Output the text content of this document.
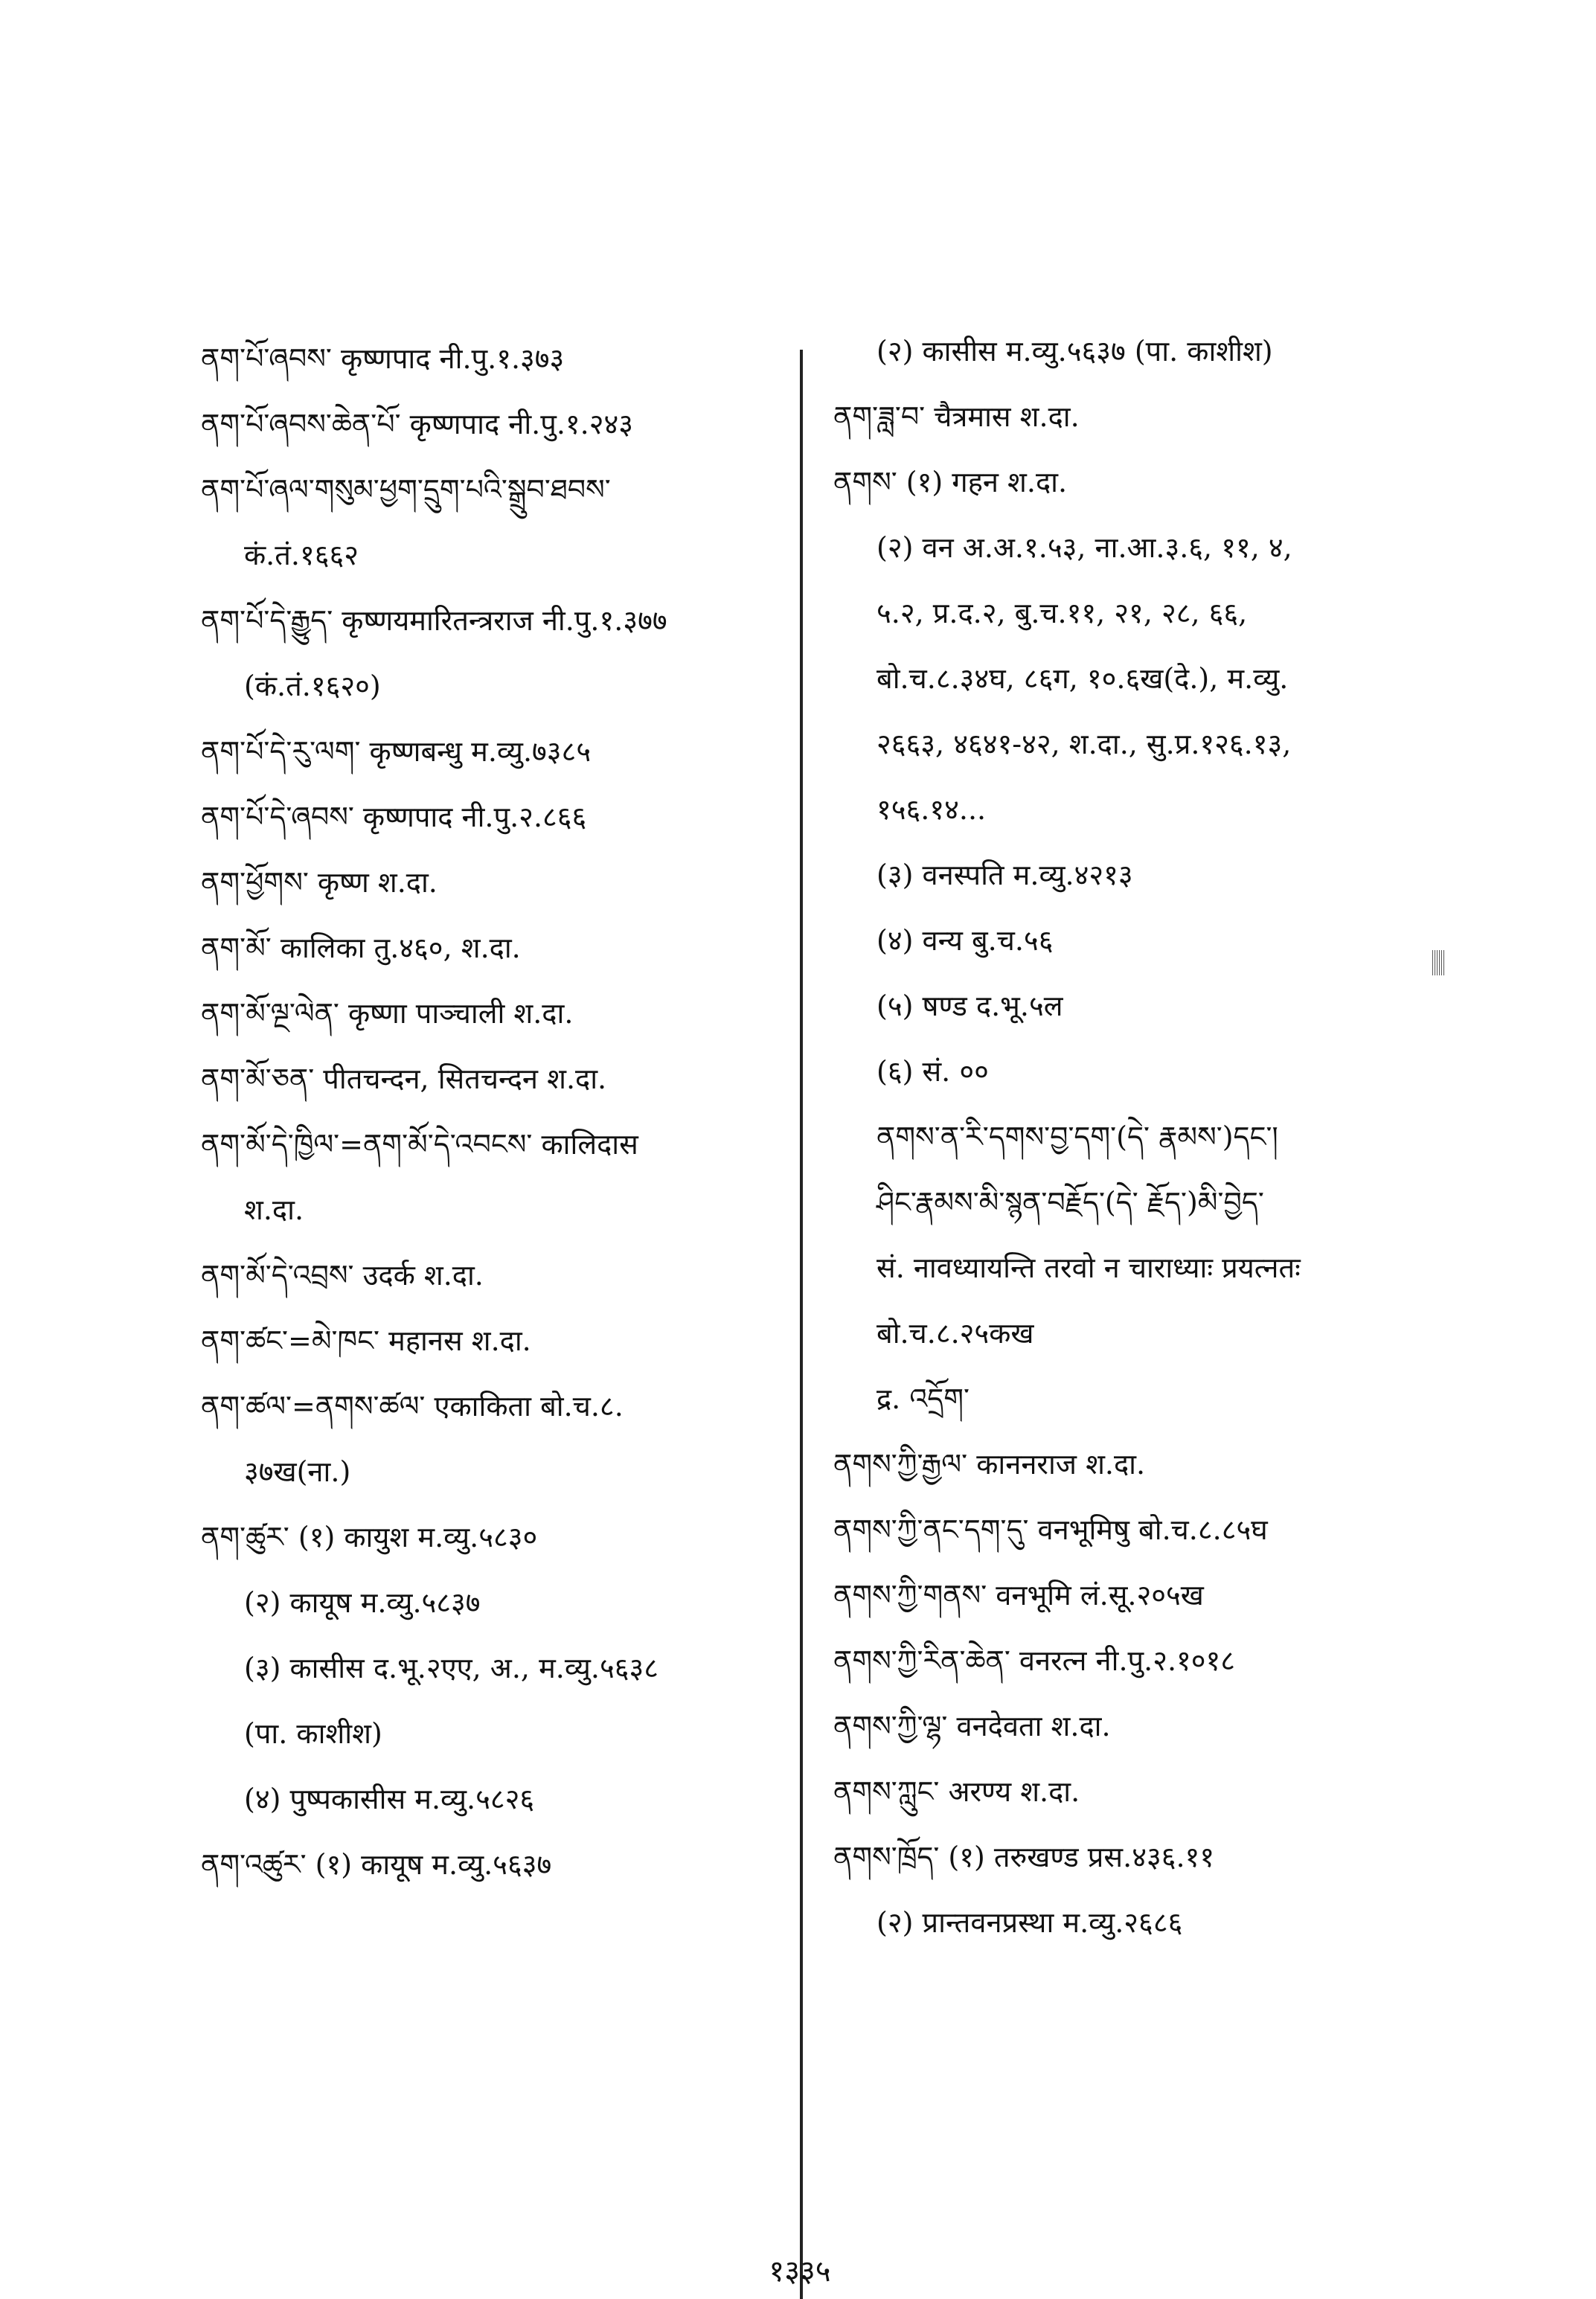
ནག་པོ་ཞབས་ कृष्णपाद नी.पु.१.३७३
ནག་པོ་ཞབས་ཆེན་པོ་ कृष्णपाद नी.पु.१.२४३
ནག་པོ་ཞལ་གསུམ་ཕྱག་དྲུག་པའི་སྒྲུབ་ཐབས་
कं.तं.१६६२
ནག་པོ་དེ་རྒྱུད་ कृष्णयमारितन्त्रराज नी.पु.१.३७७
(कं.तं.१६२०)
ནག་པོ་དེ་རུ་ལག་ कृष्णबन्धु म.व्यु.७३८५
ནག་པོ་དེ་ཞབས་ कृष्णपाद नी.पु.२.८६६
ནག་ཕྱོགས་ कृष्ण श.दा.
ནག་མོ་ कालिका तु.४६०, श.दा.
ནག་མོ་ལྔ་ལེན་ कृष्णा पाञ्चाली श.दा.
ནག་མོ་ཅན་ पीतचन्दन, सितचन्दन श.दा.
ནག་མོ་དེ་ཁྱིལ་=ནག་མོ་དེ་འབངས་ कालिदास
श.दा.
ནག་མོ་དེ་འབྲས་ उदर्क श.दा.
ནག་ཚང་=མེ་ཁང་ महानस श.दा.
ནག་ཚལ་=ནགས་ཚལ་ एकाकिता बो.च.८.
३७ख(ना.)
ནག་ཚུར་ (१) कायुश म.व्यु.५८३०
(२) कायूष म.व्यु.५८३७
(३) कासीस द.भू.२एए, अ., म.व्यु.५६३८
(पा. काशीश)
(४) पुष्पकासीस म.व्यु.५८२६
ནག་འཚུར་ (१) कायूष म.व्यु.५६३७
(२) कासीस म.व्यु.५६३७ (पा. काशीश)
ནག་ཟླ་བ་ चैत्रमास श.दा.
ནགས་ (१) गहन श.दा.
(२) वन अ.अ.१.५३, ना.आ.३.६, ११, ४,
५.२, प्र.द.२, बु.च.११, २१, २८, ६६,
बो.च.८.३४घ, ८६ग, १०.६ख(दे.), म.व्यु.
२६६३, ४६४१-४२, श.दा., सु.प्र.१२६.१३,
१५६.१४...
(३) वनस्पति म.व्यु.४२१३
(४) वन्य बु.च.५६
(५) षण्ड द.भू.५ल
(६) सं. ००
ནགས་ན་རི་དགས་བྱ་དག་(དེ་ རྣམས་)དང་།
ཤིང་རྣམས་མི་སྙན་བརྗོད་(དེ་ རྗོད་)མི་བྱེད་
सं. नावध्यायन्ति तरवो न चाराध्याः प्रयत्नतः
बो.च.८.२५कख
द्र. འདྲོག་
ནགས་ཀྱི་རྒྱལ་ काननराज श.दा.
ནགས་ཀྱི་ནང་དག་དུ་ वनभूमिषु बो.च.८.८५घ
ནགས་ཀྱི་གནས་ वनभूमि लं.सू.२०५ख
ནགས་ཀྱི་རིན་ཆེན་ वनरत्न नी.पु.२.१०१८
ནགས་ཀྱི་ལྷ་ वनदेवता श.दा.
ནགས་ཀླུང་ अरण्य श.दा.
ནགས་ཁྲོད་ (१) तरुखण्ड प्रस.४३६.११
(२) प्रान्तवनप्रस्था म.व्यु.२६८६
१३३५
